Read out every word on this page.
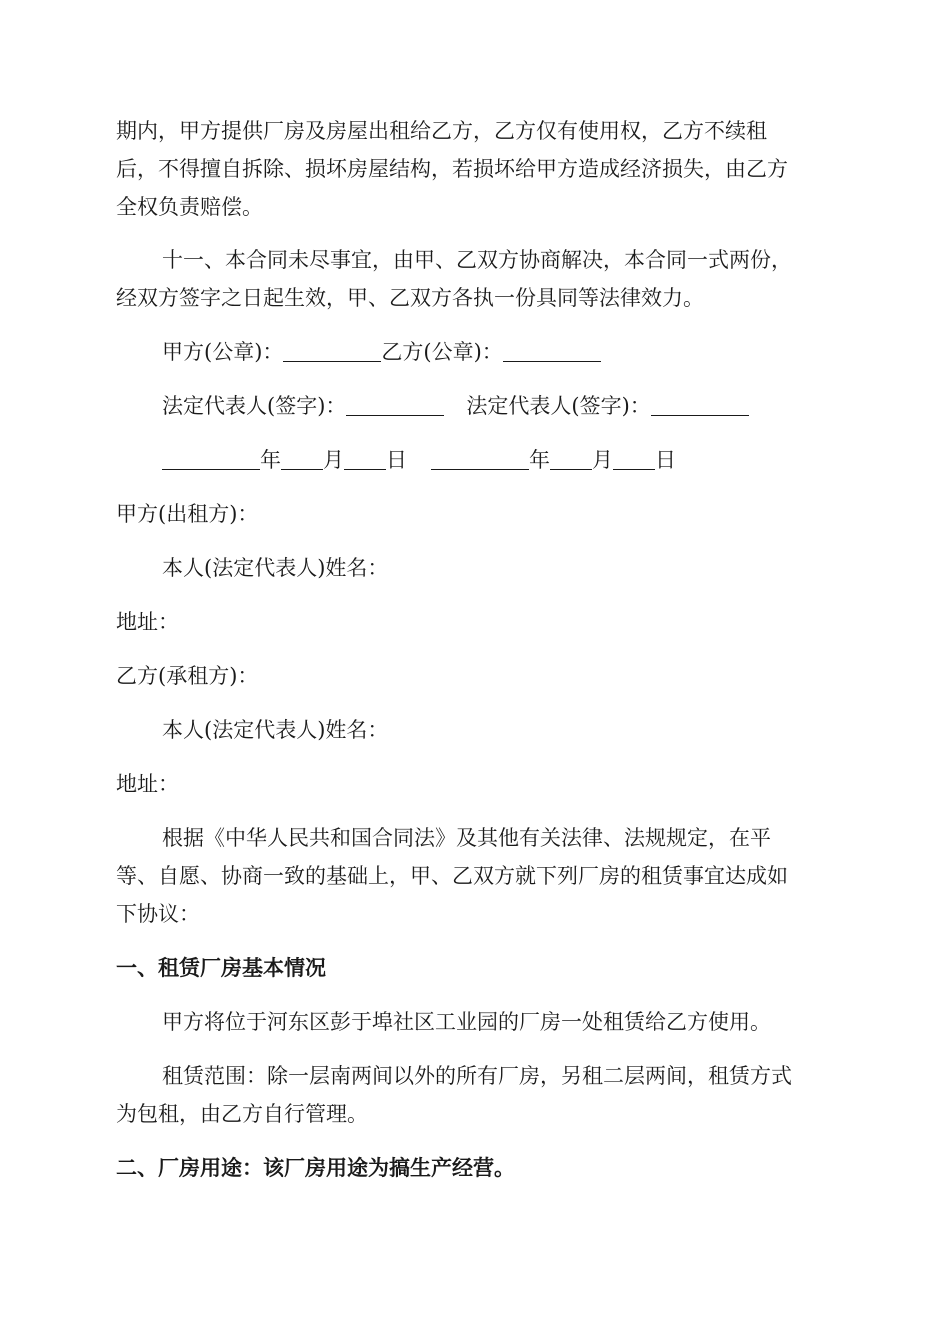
期内，甲方提供厂房及房屋出租给乙方，乙方仅有使用权，乙方不续租
后，不得擅自拆除、损坏房屋结构，若损坏给甲方造成经济损失，由乙方
全权负责赔偿。
十一、本合同未尽事宜，由甲、乙双方协商解决，本合同一式两份，
经双方签字之日起生效，甲、乙双方各执一份具同等法律效力。
甲方(公章)：	乙方(公章)：
法定代表人(签字)：	法定代表人(签字)：
年 月 日	年 月 日
甲方(出租方)：
本人(法定代表人)姓名：
地址：
乙方(承租方)：
本人(法定代表人)姓名：
地址：
根据《中华人民共和国合同法》及其他有关法律、法规规定，在平
等、自愿、协商一致的基础上，甲、乙双方就下列厂房的租赁事宜达成如
下协议：
一、租赁厂房基本情况
甲方将位于河东区彭于埠社区工业园的厂房一处租赁给乙方使用。
租赁范围：除一层南两间以外的所有厂房，另租二层两间，租赁方式
为包租，由乙方自行管理。
二、厂房用途：该厂房用途为搞生产经营。
